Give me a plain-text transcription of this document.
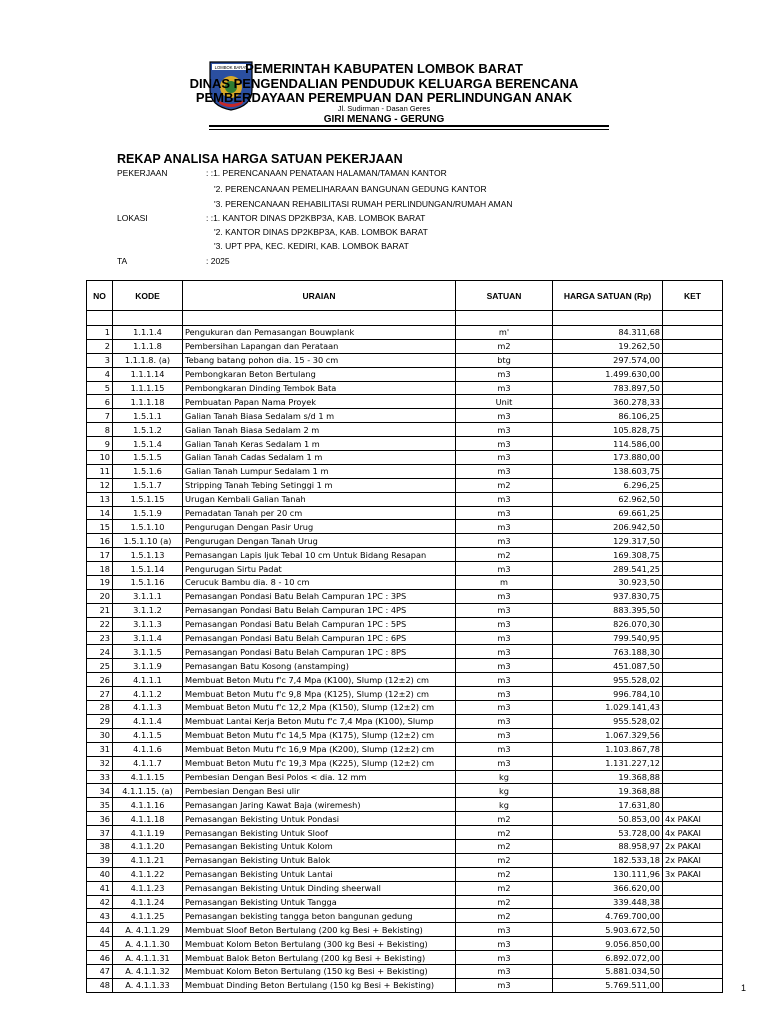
LOMBOK BARAT
PEMERINTAH KABUPATEN LOMBOK BARAT
DINAS PENGENDALIAN PENDUDUK KELUARGA BERENCANA
PEMBERDAYAAN PEREMPUAN DAN PERLINDUNGAN ANAK
Jl. Sudirman - Dasan Geres
GIRI MENANG - GERUNG
REKAP ANALISA HARGA SATUAN PEKERJAAN
PEKERJAAN	: :1. PERENCANAAN PENATAAN HALAMAN/TAMAN KANTOR
'2. PERENCANAAN PEMELIHARAAN BANGUNAN GEDUNG KANTOR
'3. PERENCANAAN REHABILITASI RUMAH PERLINDUNGAN/RUMAH AMAN
LOKASI	: :1. KANTOR DINAS DP2KBP3A, KAB. LOMBOK BARAT
'2. KANTOR DINAS DP2KBP3A, KAB. LOMBOK BARAT
'3. UPT PPA, KEC. KEDIRI, KAB. LOMBOK BARAT
TA	: 2025
NO	KODE	URAIAN	SATUAN	HARGA SATUAN (Rp)	KET

1	1.1.1.4	Pengukuran dan Pemasangan Bouwplank	m'	84.311,68	
2	1.1.1.8	Pembersihan Lapangan dan Perataan	m2	19.262,50	
3	1.1.1.8. (a)	Tebang batang pohon dia. 15 - 30 cm	btg	297.574,00	
4	1.1.1.14	Pembongkaran Beton Bertulang	m3	1.499.630,00	
5	1.1.1.15	Pembongkaran Dinding Tembok Bata	m3	783.897,50	
6	1.1.1.18	Pembuatan Papan Nama Proyek	Unit	360.278,33	
7	1.5.1.1	Galian Tanah Biasa Sedalam s/d 1 m	m3	86.106,25	
8	1.5.1.2	Galian Tanah Biasa Sedalam 2 m	m3	105.828,75	
9	1.5.1.4	Galian Tanah Keras Sedalam 1 m	m3	114.586,00	
10	1.5.1.5	Galian Tanah Cadas Sedalam 1 m	m3	173.880,00	
11	1.5.1.6	Galian Tanah Lumpur Sedalam 1 m	m3	138.603,75	
12	1.5.1.7	Stripping Tanah Tebing Setinggi 1 m	m2	6.296,25	
13	1.5.1.15	Urugan Kembali Galian Tanah	m3	62.962,50	
14	1.5.1.9	Pemadatan Tanah per 20 cm	m3	69.661,25	
15	1.5.1.10	Pengurugan Dengan Pasir Urug	m3	206.942,50	
16	1.5.1.10 (a)	Pengurugan Dengan Tanah Urug	m3	129.317,50	
17	1.5.1.13	Pemasangan Lapis Ijuk Tebal 10 cm Untuk Bidang Resapan	m2	169.308,75	
18	1.5.1.14	Pengurugan Sirtu Padat	m3	289.541,25	
19	1.5.1.16	Cerucuk Bambu dia. 8 - 10 cm	m	30.923,50	
20	3.1.1.1	Pemasangan Pondasi Batu Belah Campuran 1PC : 3PS	m3	937.830,75	
21	3.1.1.2	Pemasangan Pondasi Batu Belah Campuran 1PC : 4PS	m3	883.395,50	
22	3.1.1.3	Pemasangan Pondasi Batu Belah Campuran 1PC : 5PS	m3	826.070,30	
23	3.1.1.4	Pemasangan Pondasi Batu Belah Campuran 1PC : 6PS	m3	799.540,95	
24	3.1.1.5	Pemasangan Pondasi Batu Belah Campuran 1PC : 8PS	m3	763.188,30	
25	3.1.1.9	Pemasangan Batu Kosong (anstamping)	m3	451.087,50	
26	4.1.1.1	Membuat Beton Mutu f'c 7,4 Mpa (K100), Slump (12±2) cm	m3	955.528,02	
27	4.1.1.2	Membuat Beton Mutu f'c 9,8 Mpa (K125), Slump (12±2) cm	m3	996.784,10	
28	4.1.1.3	Membuat Beton Mutu f'c 12,2 Mpa (K150), Slump (12±2) cm	m3	1.029.141,43	
29	4.1.1.4	Membuat Lantai Kerja Beton Mutu f'c 7,4 Mpa (K100), Slump	m3	955.528,02	
30	4.1.1.5	Membuat Beton Mutu f'c 14,5 Mpa (K175), Slump (12±2) cm	m3	1.067.329,56	
31	4.1.1.6	Membuat Beton Mutu f'c 16,9 Mpa (K200), Slump (12±2) cm	m3	1.103.867,78	
32	4.1.1.7	Membuat Beton Mutu f'c 19,3 Mpa (K225), Slump (12±2) cm	m3	1.131.227,12	
33	4.1.1.15	Pembesian Dengan Besi Polos < dia. 12 mm	kg	19.368,88	
34	4.1.1.15. (a)	Pembesian Dengan Besi ulir	kg	19.368,88	
35	4.1.1.16	Pemasangan Jaring Kawat Baja (wiremesh)	kg	17.631,80	
36	4.1.1.18	Pemasangan Bekisting Untuk Pondasi	m2	50.853,00	4x PAKAI
37	4.1.1.19	Pemasangan Bekisting Untuk Sloof	m2	53.728,00	4x PAKAI
38	4.1.1.20	Pemasangan Bekisting Untuk Kolom	m2	88.958,97	2x PAKAI
39	4.1.1.21	Pemasangan Bekisting Untuk Balok	m2	182.533,18	2x PAKAI
40	4.1.1.22	Pemasangan Bekisting Untuk Lantai	m2	130.111,96	3x PAKAI
41	4.1.1.23	Pemasangan Bekisting Untuk Dinding sheerwall	m2	366.620,00	
42	4.1.1.24	Pemasangan Bekisting Untuk Tangga	m2	339.448,38	
43	4.1.1.25	Pemasangan bekisting tangga beton bangunan gedung	m2	4.769.700,00	
44	A. 4.1.1.29	Membuat Sloof Beton Bertulang (200 kg Besi + Bekisting)	m3	5.903.672,50	
45	A. 4.1.1.30	Membuat Kolom Beton Bertulang (300 kg Besi + Bekisting)	m3	9.056.850,00	
46	A. 4.1.1.31	Membuat Balok Beton Bertulang (200 kg Besi + Bekisting)	m3	6.892.072,00	
47	A. 4.1.1.32	Membuat Kolom Beton Bertulang (150 kg Besi + Bekisting)	m3	5.881.034,50	
48	A. 4.1.1.33	Membuat Dinding Beton Bertulang (150 kg Besi + Bekisting)	m3	5.769.511,00		1
